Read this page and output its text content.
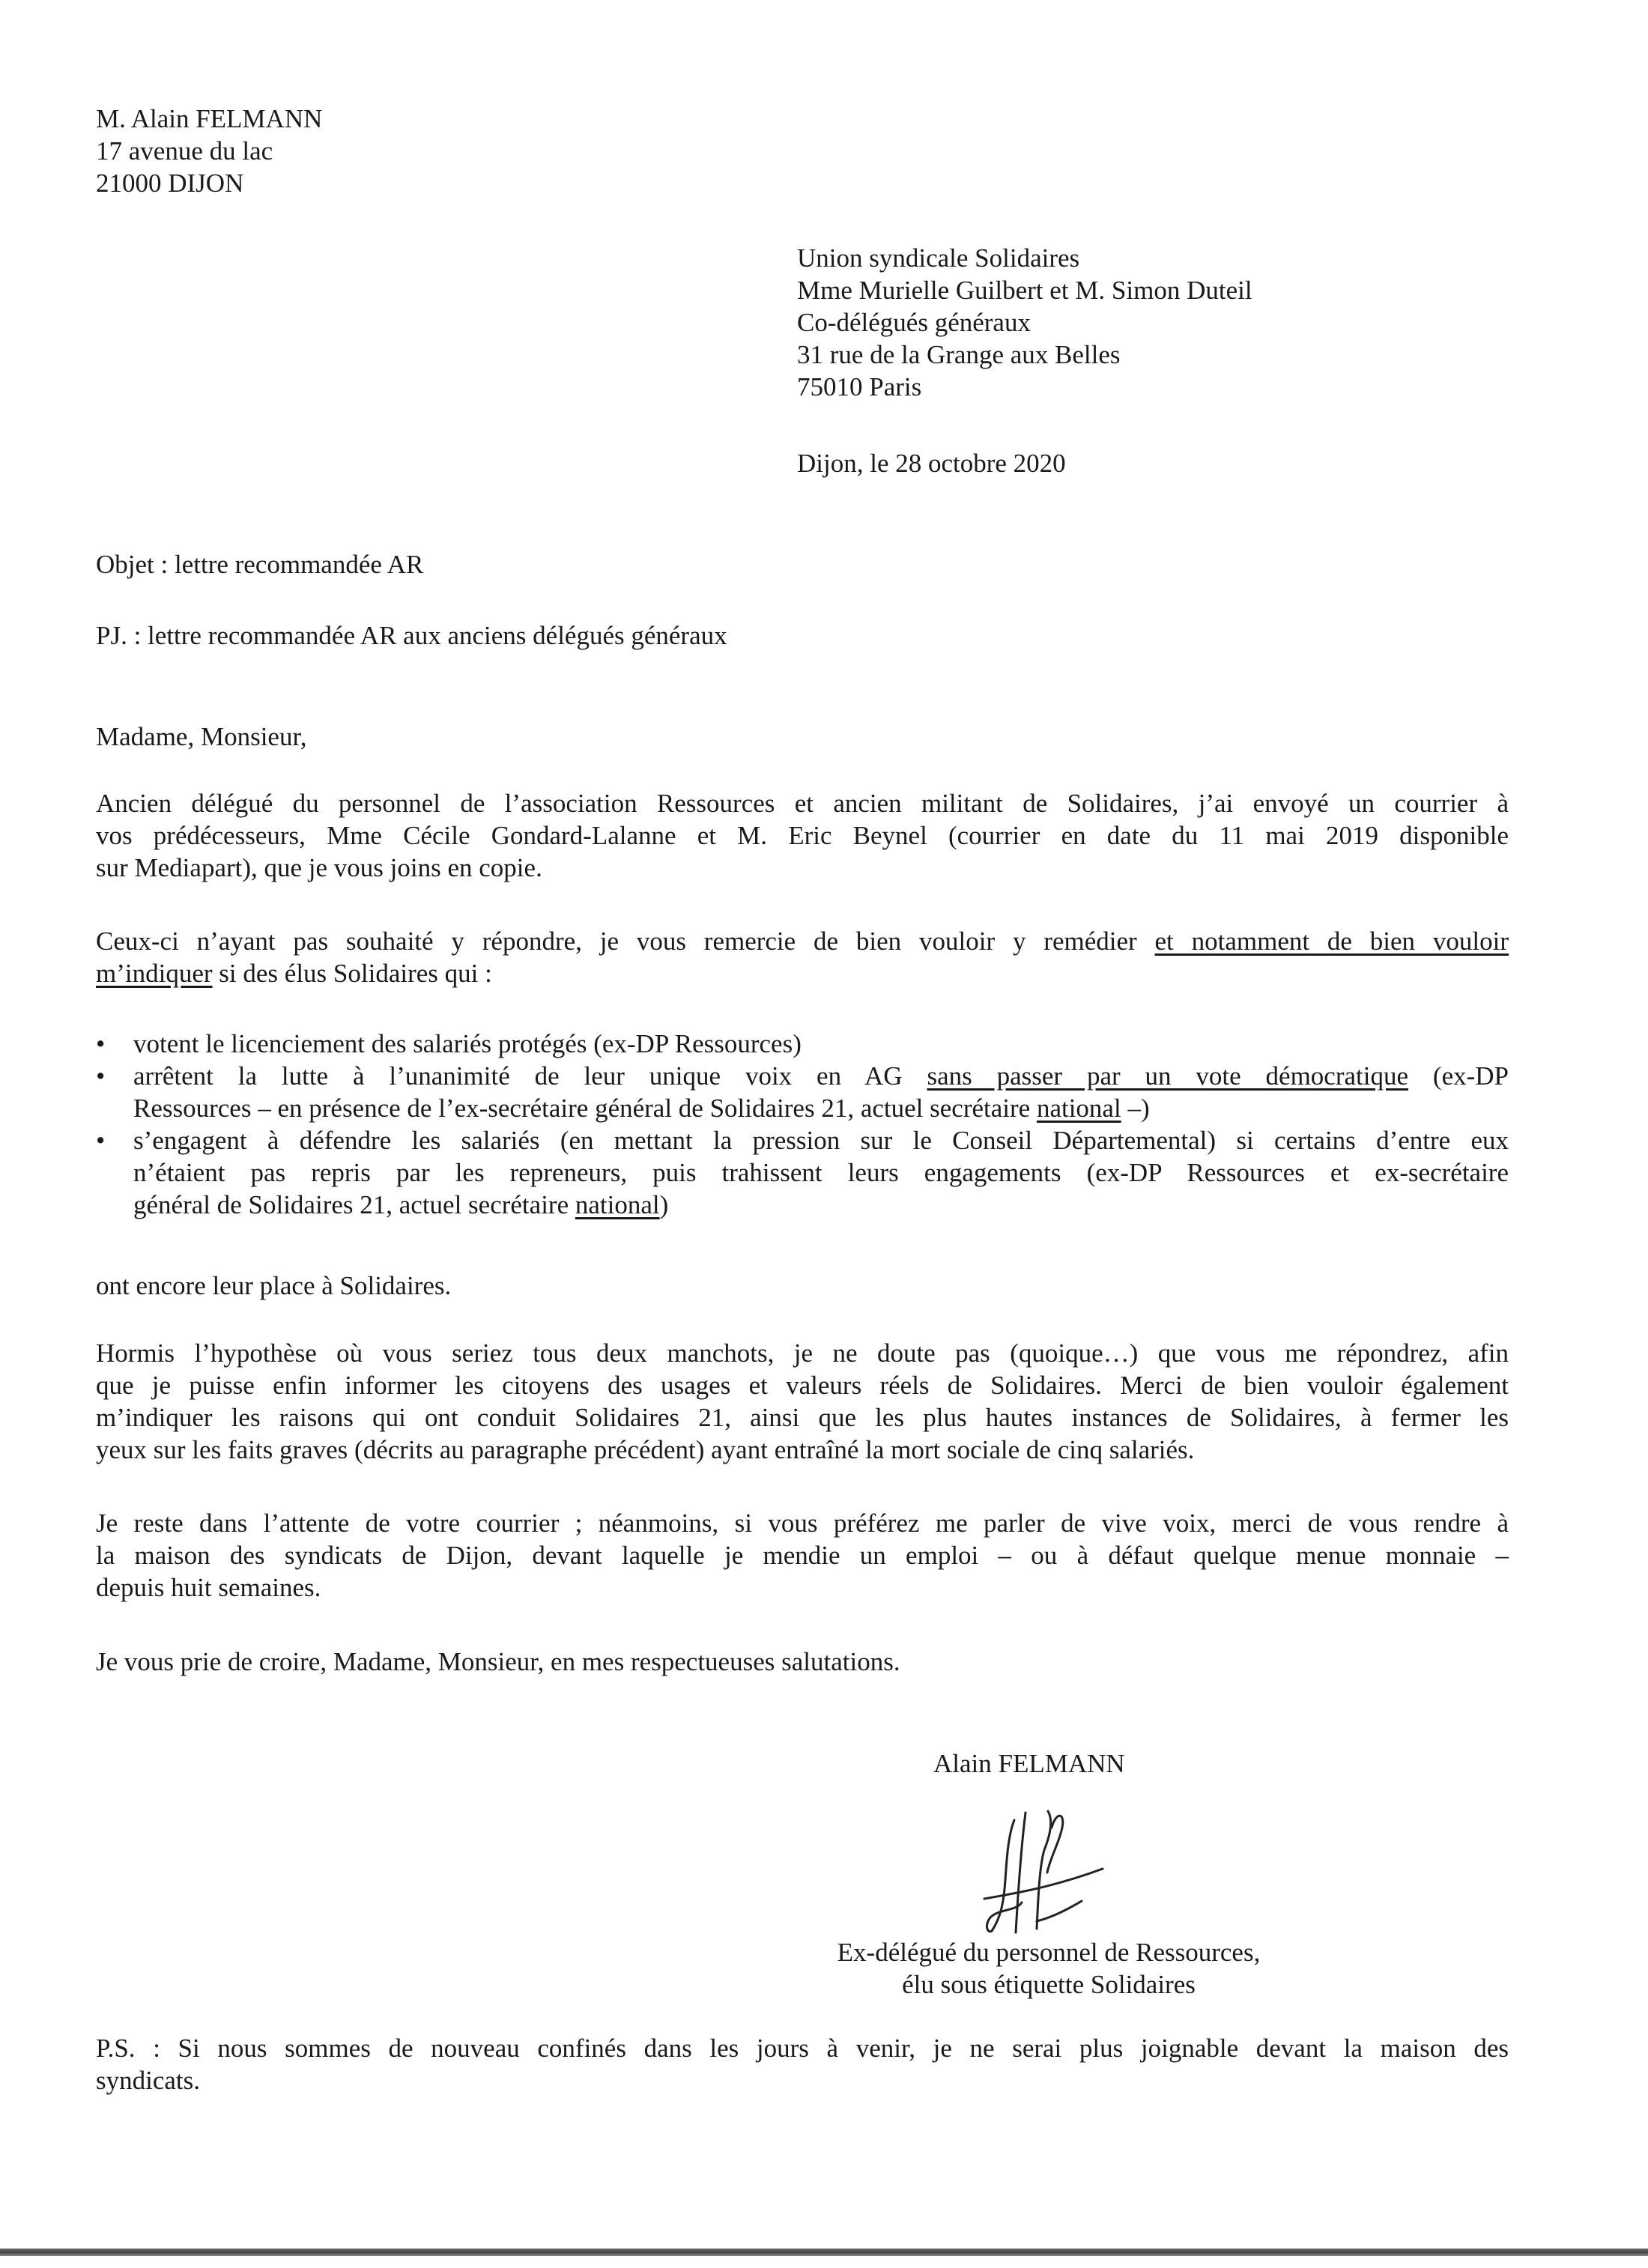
M. Alain FELMANN
17 avenue du lac
21000 DIJON
Union syndicale Solidaires
Mme Murielle Guilbert et M. Simon Duteil
Co-délégués généraux
31 rue de la Grange aux Belles
75010 Paris
Dijon, le 28 octobre 2020
Objet : lettre recommandée AR
PJ. : lettre recommandée AR aux anciens délégués généraux
Madame, Monsieur,
Ancien délégué du personnel de l’association Ressources et ancien militant de Solidaires, j’ai envoyé un courrier à
vos prédécesseurs, Mme Cécile Gondard-Lalanne et M. Eric Beynel (courrier en date du 11 mai 2019 disponible
sur Mediapart), que je vous joins en copie.
Ceux-ci n’ayant pas souhaité y répondre, je vous remercie de bien vouloir y remédier et notamment de bien vouloir
m’indiquer si des élus Solidaires qui :
• votent le licenciement des salariés protégés (ex-DP Ressources)
• arrêtent la lutte à l’unanimité de leur unique voix en AG sans passer par un vote démocratique (ex-DP
Ressources – en présence de l’ex-secrétaire général de Solidaires 21, actuel secrétaire national –)
• s’engagent à défendre les salariés (en mettant la pression sur le Conseil Départemental) si certains d’entre eux
n’étaient pas repris par les repreneurs, puis trahissent leurs engagements (ex-DP Ressources et ex-secrétaire
général de Solidaires 21, actuel secrétaire national)
ont encore leur place à Solidaires.
Hormis l’hypothèse où vous seriez tous deux manchots, je ne doute pas (quoique…) que vous me répondrez, afin
que je puisse enfin informer les citoyens des usages et valeurs réels de Solidaires. Merci de bien vouloir également
m’indiquer les raisons qui ont conduit Solidaires 21, ainsi que les plus hautes instances de Solidaires, à fermer les
yeux sur les faits graves (décrits au paragraphe précédent) ayant entraîné la mort sociale de cinq salariés.
Je reste dans l’attente de votre courrier ; néanmoins, si vous préférez me parler de vive voix, merci de vous rendre à
la maison des syndicats de Dijon, devant laquelle je mendie un emploi – ou à défaut quelque menue monnaie –
depuis huit semaines.
Je vous prie de croire, Madame, Monsieur, en mes respectueuses salutations.
Alain FELMANN
Ex-délégué du personnel de Ressources,
élu sous étiquette Solidaires
P.S. : Si nous sommes de nouveau confinés dans les jours à venir, je ne serai plus joignable devant la maison des
syndicats.
